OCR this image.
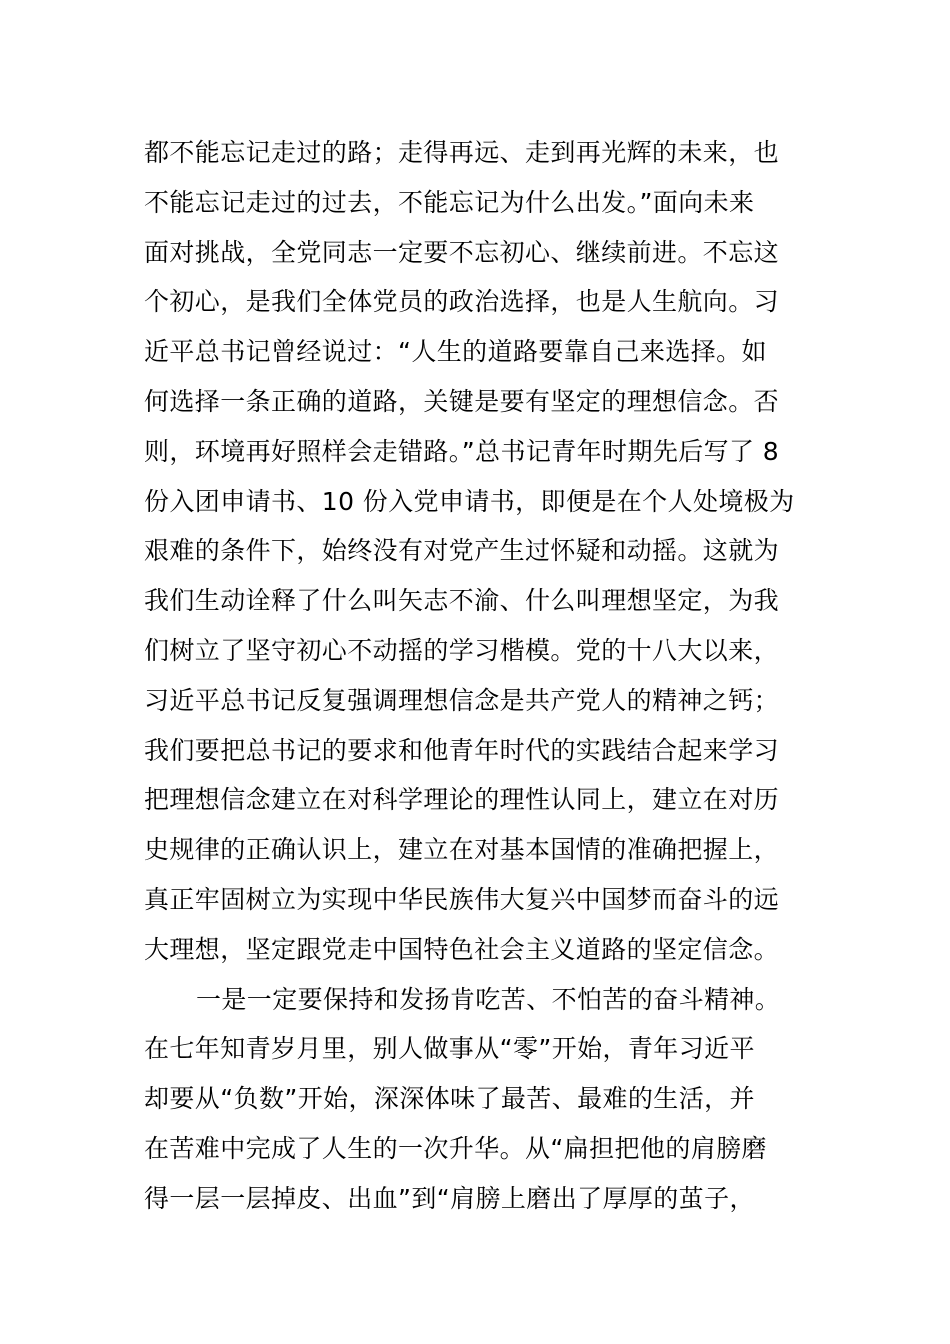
都不能忘记走过的路；走得再远、走到再光辉的未来，也
不能忘记走过的过去，不能忘记为什么出发。”面向未来
面对挑战，全党同志一定要不忘初心、继续前进。不忘这
个初心，是我们全体党员的政治选择，也是人生航向。习
近平总书记曾经说过：“人生的道路要靠自己来选择。如
何选择一条正确的道路，关键是要有坚定的理想信念。否
则，环境再好照样会走错路。”总书记青年时期先后写了 8
份入团申请书、10 份入党申请书，即便是在个人处境极为
艰难的条件下，始终没有对党产生过怀疑和动摇。这就为
我们生动诠释了什么叫矢志不渝、什么叫理想坚定，为我
们树立了坚守初心不动摇的学习楷模。党的十八大以来，
习近平总书记反复强调理想信念是共产党人的精神之钙；
我们要把总书记的要求和他青年时代的实践结合起来学习
把理想信念建立在对科学理论的理性认同上，建立在对历
史规律的正确认识上，建立在对基本国情的准确把握上，
真正牢固树立为实现中华民族伟大复兴中国梦而奋斗的远
大理想，坚定跟党走中国特色社会主义道路的坚定信念。
一是一定要保持和发扬肯吃苦、不怕苦的奋斗精神。
在七年知青岁月里，别人做事从“零”开始，青年习近平
却要从“负数”开始，深深体味了最苦、最难的生活，并
在苦难中完成了人生的一次升华。从“扁担把他的肩膀磨
得一层一层掉皮、出血”到“肩膀上磨出了厚厚的茧子，
